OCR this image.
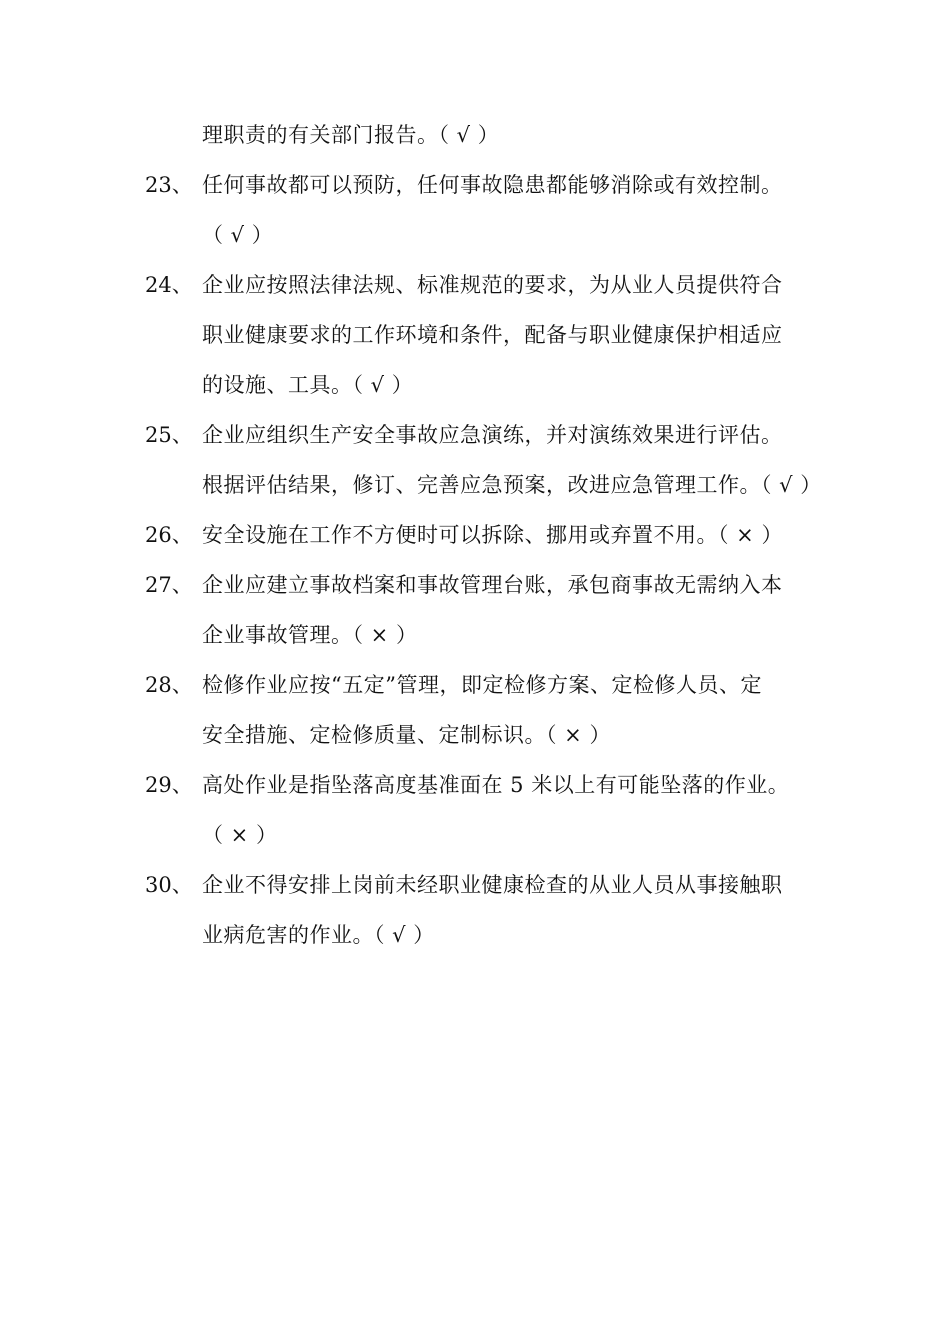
理职责的有关部门报告。（ √ ）
23、 任何事故都可以预防，任何事故隐患都能够消除或有效控制。
（ √ ）
24、 企业应按照法律法规、标准规范的要求，为从业人员提供符合
职业健康要求的工作环境和条件，配备与职业健康保护相适应
的设施、工具。（ √ ）
25、 企业应组织生产安全事故应急演练，并对演练效果进行评估。
根据评估结果，修订、完善应急预案，改进应急管理工作。（ √ ）
26、 安全设施在工作不方便时可以拆除、挪用或弃置不用。（ × ）
27、 企业应建立事故档案和事故管理台账，承包商事故无需纳入本
企业事故管理。（ × ）
28、 检修作业应按“五定”管理，即定检修方案、定检修人员、定
安全措施、定检修质量、定制标识。（ × ）
29、 高处作业是指坠落高度基准面在 5 米以上有可能坠落的作业。
（ × ）
30、 企业不得安排上岗前未经职业健康检查的从业人员从事接触职
业病危害的作业。（ √ ）
